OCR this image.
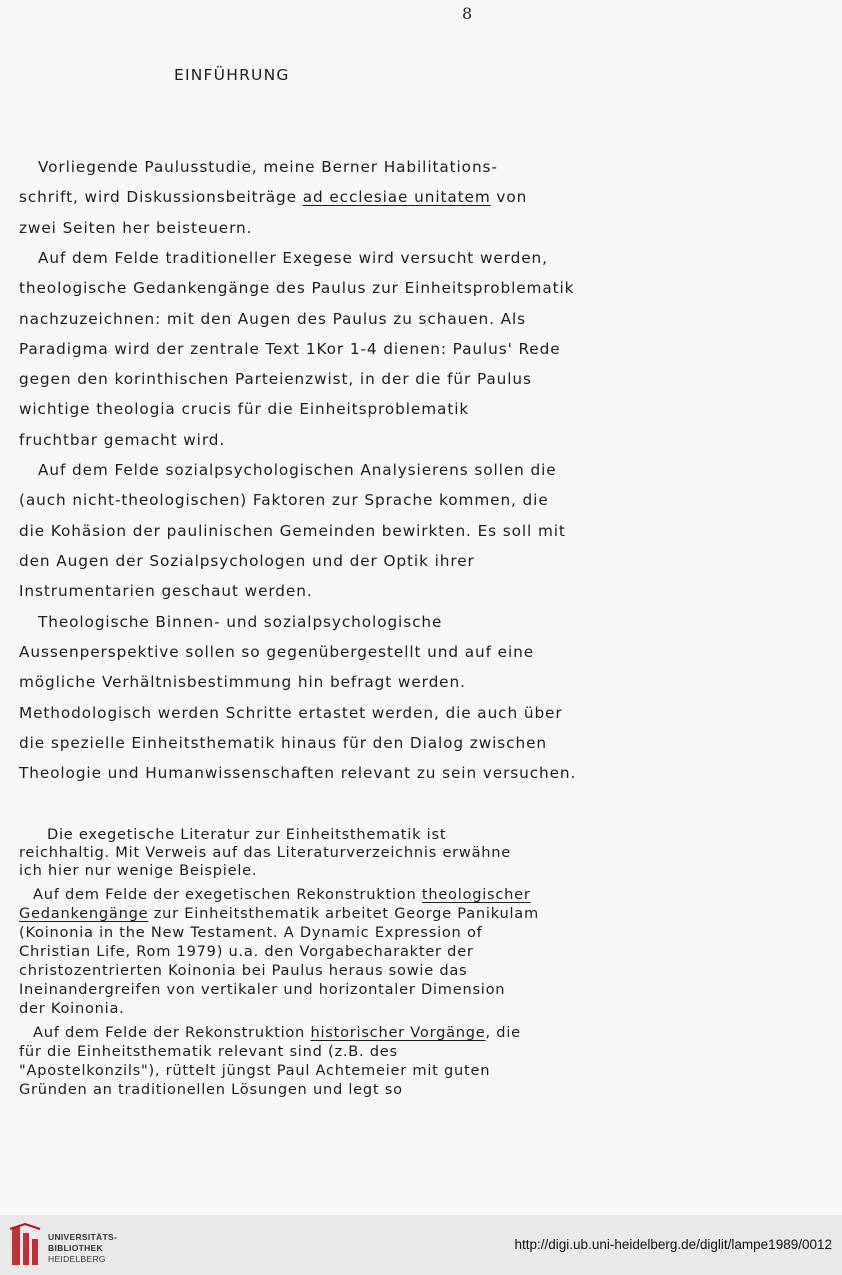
8
EINFÜHRUNG
Vorliegende Paulusstudie, meine Berner Habilitations-
schrift, wird Diskussionsbeiträge ad ecclesiae unitatem von
zwei Seiten her beisteuern.
Auf dem Felde traditioneller Exegese wird versucht werden,
theologische Gedankengänge des Paulus zur Einheitsproblematik
nachzuzeichnen: mit den Augen des Paulus zu schauen. Als
Paradigma wird der zentrale Text 1Kor 1-4 dienen: Paulus' Rede
gegen den korinthischen Parteienzwist, in der die für Paulus
wichtige theologia crucis für die Einheitsproblematik
fruchtbar gemacht wird.
Auf dem Felde sozialpsychologischen Analysierens sollen die
(auch nicht-theologischen) Faktoren zur Sprache kommen, die
die Kohäsion der paulinischen Gemeinden bewirkten. Es soll mit
den Augen der Sozialpsychologen und der Optik ihrer
Instrumentarien geschaut werden.
Theologische Binnen- und sozialpsychologische
Aussenperspektive sollen so gegenübergestellt und auf eine
mögliche Verhältnisbestimmung hin befragt werden.
Methodologisch werden Schritte ertastet werden, die auch über
die spezielle Einheitsthematik hinaus für den Dialog zwischen
Theologie und Humanwissenschaften relevant zu sein versuchen.
Die exegetische Literatur zur Einheitsthematik ist
reichhaltig. Mit Verweis auf das Literaturverzeichnis erwähne
ich hier nur wenige Beispiele.
Auf dem Felde der exegetischen Rekonstruktion theologischer
Gedankengänge zur Einheitsthematik arbeitet George Panikulam
(Koinonia in the New Testament. A Dynamic Expression of
Christian Life, Rom 1979) u.a. den Vorgabecharakter der
christozentrierten Koinonia bei Paulus heraus sowie das
Ineinandergreifen von vertikaler und horizontaler Dimension
der Koinonia.
Auf dem Felde der Rekonstruktion historischer Vorgänge, die
für die Einheitsthematik relevant sind (z.B. des
"Apostelkonzils"), rüttelt jüngst Paul Achtemeier mit guten
Gründen an traditionellen Lösungen und legt so
UNIVERSITÄTS-
BIBLIOTHEK
HEIDELBERG
http://digi.ub.uni-heidelberg.de/diglit/lampe1989/0012
